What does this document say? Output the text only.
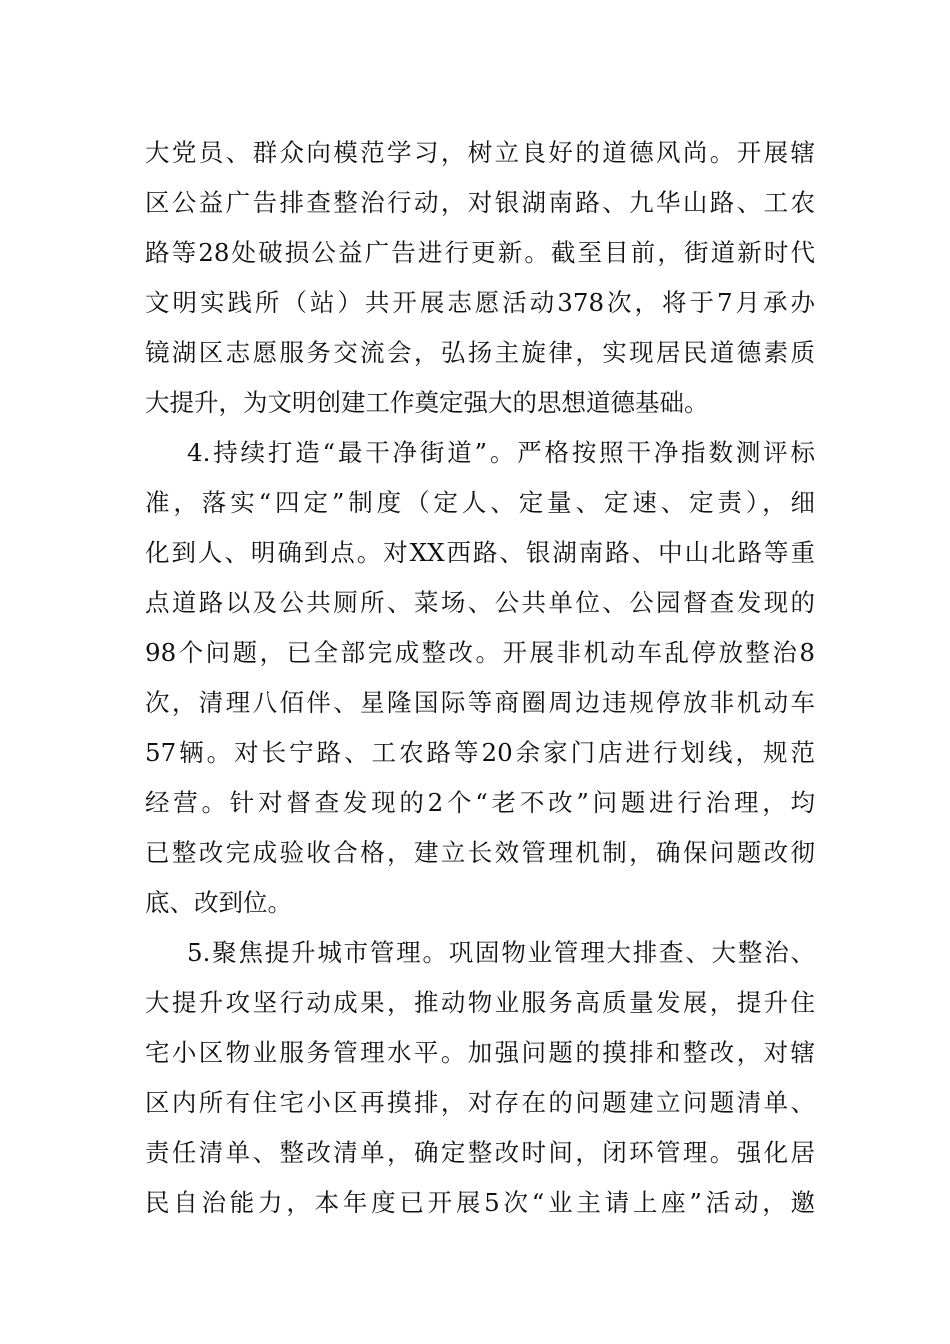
大党员、群众向模范学习，树立良好的道德风尚。开展辖
区公益广告排查整治行动，对银湖南路、九华山路、工农
路等28处破损公益广告进行更新。截至目前，街道新时代
文明实践所（站）共开展志愿活动378次，将于7月承办
镜湖区志愿服务交流会，弘扬主旋律，实现居民道德素质
大提升，为文明创建工作奠定强大的思想道德基础。
4.持续打造“最干净街道”。严格按照干净指数测评标
准，落实“四定”制度（定人、定量、定速、定责），细
化到人、明确到点。对XX西路、银湖南路、中山北路等重
点道路以及公共厕所、菜场、公共单位、公园督查发现的
98个问题，已全部完成整改。开展非机动车乱停放整治8
次，清理八佰伴、星隆国际等商圈周边违规停放非机动车
57辆。对长宁路、工农路等20余家门店进行划线，规范
经营。针对督查发现的2个“老不改”问题进行治理，均
已整改完成验收合格，建立长效管理机制，确保问题改彻
底、改到位。
5.聚焦提升城市管理。巩固物业管理大排查、大整治、
大提升攻坚行动成果，推动物业服务高质量发展，提升住
宅小区物业服务管理水平。加强问题的摸排和整改，对辖
区内所有住宅小区再摸排，对存在的问题建立问题清单、
责任清单、整改清单，确定整改时间，闭环管理。强化居
民自治能力，本年度已开展5次“业主请上座”活动，邀
